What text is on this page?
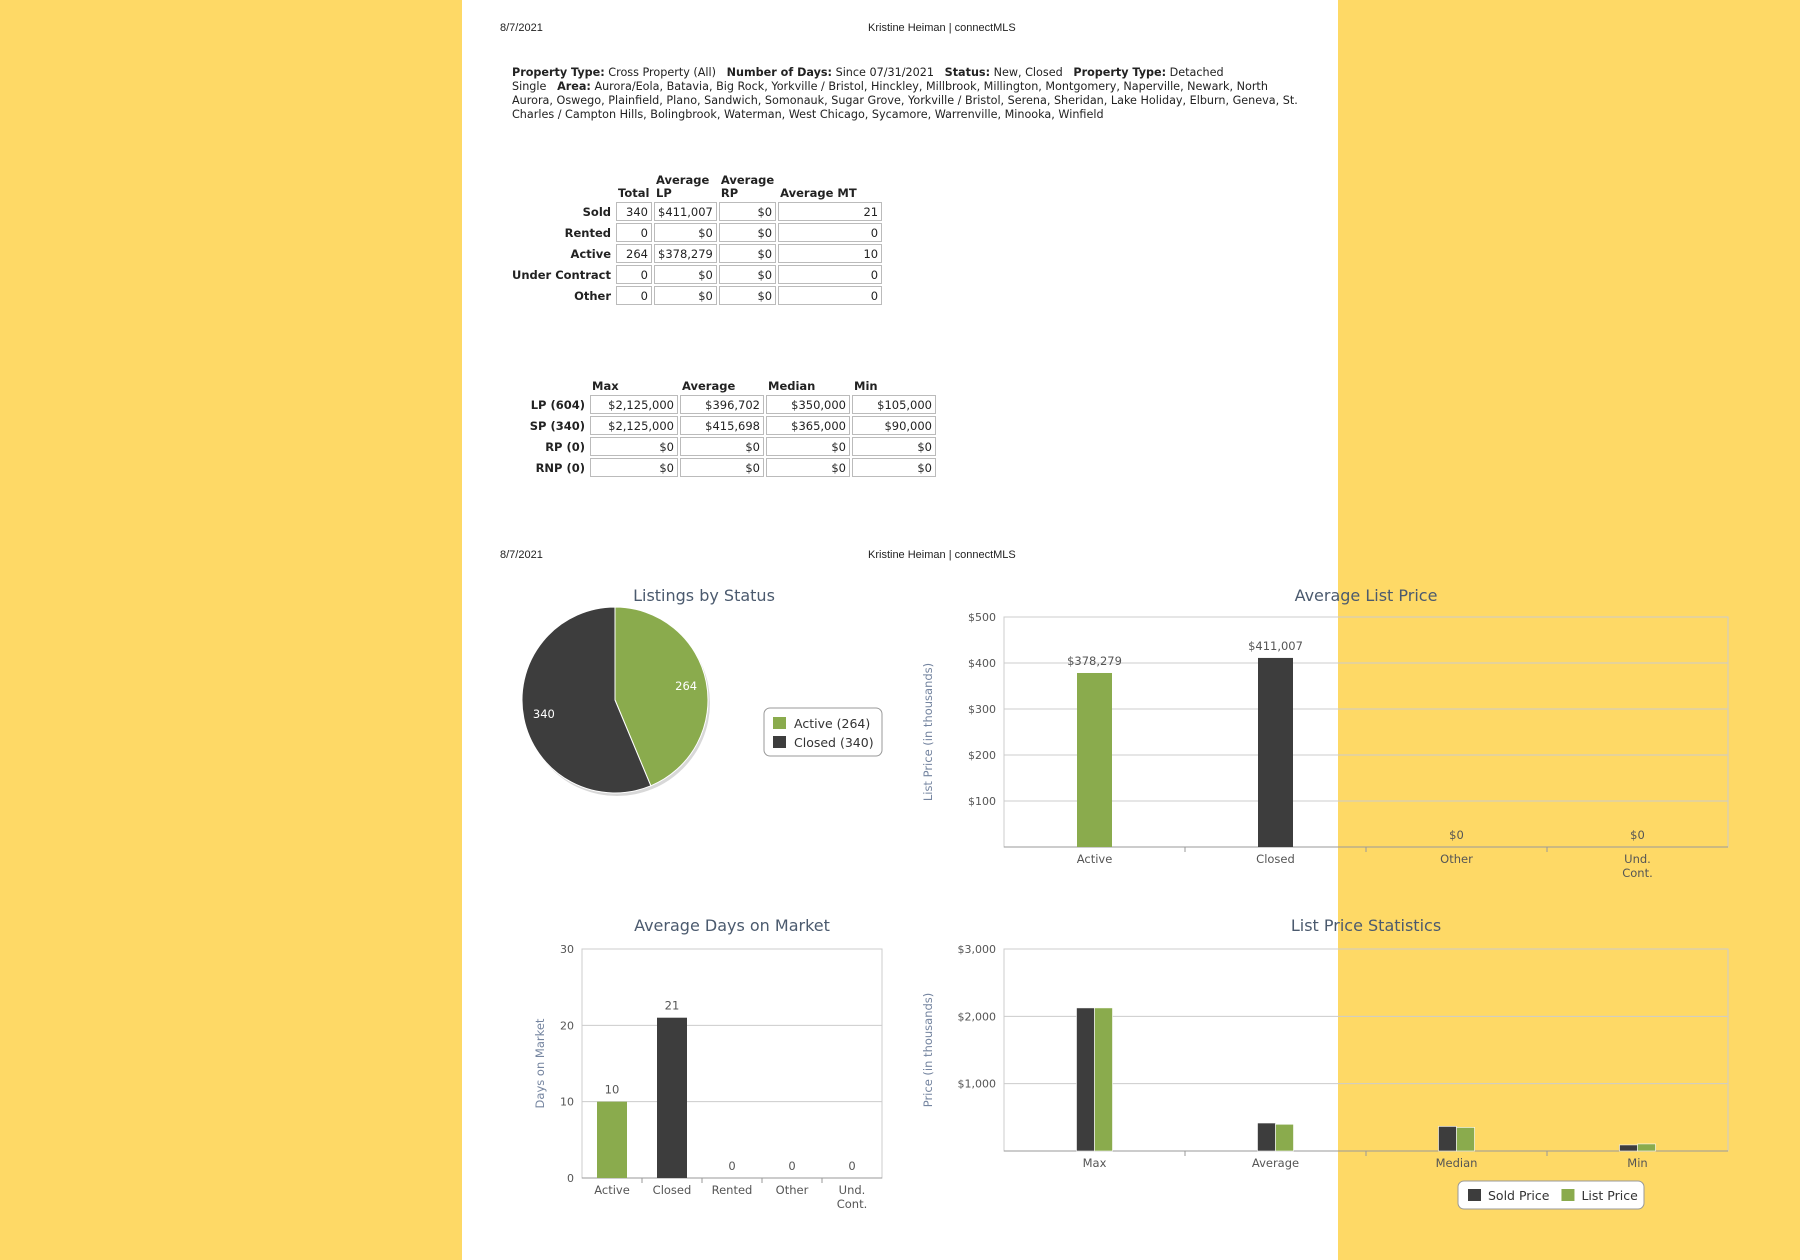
8/7/2021	Kristine Heiman | connectMLS
Property Type: Cross Property (All) Number of Days: Since 07/31/2021 Status: New, Closed Property Type: Detached Single Area: Aurora/Eola, Batavia, Big Rock, Yorkville / Bristol, Hinckley, Millbrook, Millington, Montgomery, Naperville, Newark, North Aurora, Oswego, Plainfield, Plano, Sandwich, Somonauk, Sugar Grove, Yorkville / Bristol, Serena, Sheridan, Lake Holiday, Elburn, Geneva, St. Charles / Campton Hills, Bolingbrook, Waterman, West Chicago, Sycamore, Warrenville, Minooka, Winfield
	Total	Average LP	Average RP	Average MT
Sold	340	$411,007	$0	21
Rented	0	$0	$0	0
Active	264	$378,279	$0	10
Under Contract	0	$0	$0	0
Other	0	$0	$0	0
	Max	Average	Median	Min
LP (604)	$2,125,000	$396,702	$350,000	$105,000
SP (340)	$2,125,000	$415,698	$365,000	$90,000
RP (0)	$0	$0	$0	$0
RNP (0)	$0	$0	$0	$0
8/7/2021	Kristine Heiman | connectMLS
Listings by Status
264
340
Active (264)
Closed (340)
Average List Price
$100
$200
$300
$400
$500
List Price (in thousands)
Active
$378,279
Closed
$411,007
Other
$0
Und.
Cont.
$0
Average Days on Market
0
10
20
30
Days on Market
Active
10
Closed
21
Rented
0
Other
0
Und.
Cont.
0
List Price Statistics
$1,000
$2,000
$3,000
Price (in thousands)
Max	Average	Median	Min
Sold Price	List Price
